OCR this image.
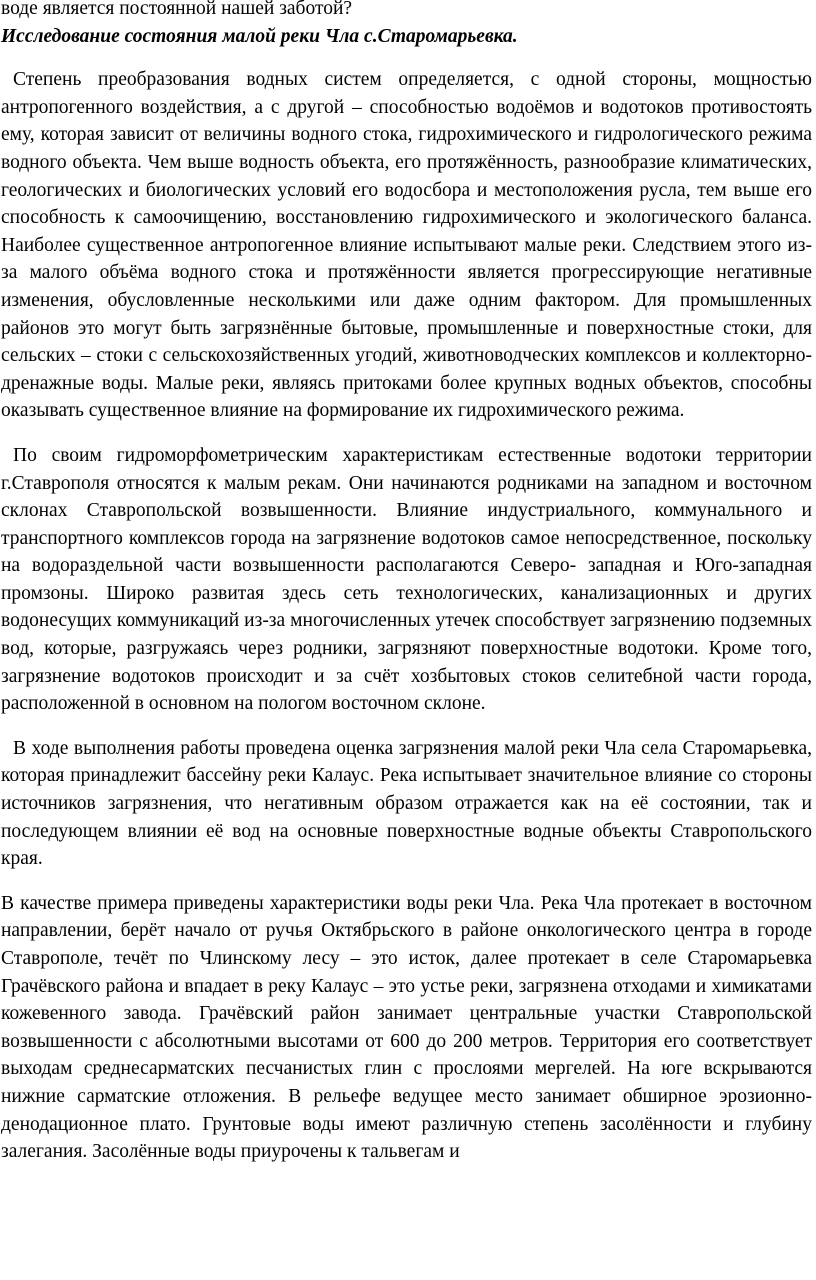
воде является постоянной нашей заботой?
Исследование состояния малой реки Чла с.Старомарьевка.

Степень преобразования водных систем определяется, с одной стороны, мощностью антропогенного воздействия, а с другой – способностью водоёмов и водотоков противостоять ему, которая зависит от величины водного стока, гидрохимического и гидрологического режима водного объекта. Чем выше водность объекта, его протяжённость, разнообразие климатических, геологических и биологических условий его водосбора и местоположения русла, тем выше его способность к самоочищению, восстановлению гидрохимического и экологического баланса. Наиболее существенное антропогенное влияние испытывают малые реки. Следствием этого из-за малого объёма водного стока и протяжённости является прогрессирующие негативные изменения, обусловленные несколькими или даже одним фактором. Для промышленных районов это могут быть загрязнённые бытовые, промышленные и поверхностные стоки, для сельских – стоки с сельскохозяйственных угодий, животноводческих комплексов и коллекторно-дренажные воды. Малые реки, являясь притоками более крупных водных объектов, способны оказывать существенное влияние на формирование их гидрохимического режима.

По своим гидроморфометрическим характеристикам естественные водотоки территории г.Ставрополя относятся к малым рекам. Они начинаются родниками на западном и восточном склонах Ставропольской возвышенности. Влияние индустриального, коммунального и транспортного комплексов города на загрязнение водотоков самое непосредственное, поскольку на водораздельной части возвышенности располагаются Северо- западная и Юго-западная промзоны. Широко развитая здесь сеть технологических, канализационных и других водонесущих коммуникаций из-за многочисленных утечек способствует загрязнению подземных вод, которые, разгружаясь через родники, загрязняют поверхностные водотоки. Кроме того, загрязнение водотоков происходит и за счёт хозбытовых стоков селитебной части города, расположенной в основном на пологом восточном склоне.

В ходе выполнения работы проведена оценка загрязнения малой реки Чла села Старомарьевка, которая принадлежит бассейну реки Калаус. Река испытывает значительное влияние со стороны источников загрязнения, что негативным образом отражается как на её состоянии, так и последующем влиянии её вод на основные поверхностные водные объекты Ставропольского края.

В качестве примера приведены характеристики воды реки Чла. Река Чла протекает в восточном направлении, берёт начало от ручья Октябрьского в районе онкологического центра в городе Ставрополе, течёт по Члинскому лесу – это исток, далее протекает в селе Старомарьевка Грачёвского района и впадает в реку Калаус – это устье реки, загрязнена отходами и химикатами кожевенного завода. Грачёвский район занимает центральные участки Ставропольской возвышенности с абсолютными высотами от 600 до 200 метров. Территория его соответствует выходам среднесарматских песчанистых глин с прослоями мергелей. На юге вскрываются нижние сарматские отложения. В рельефе ведущее место занимает обширное эрозионно- денодационное плато. Грунтовые воды имеют различную степень засолённости и глубину залегания. Засолённые воды приурочены к тальвегам и
